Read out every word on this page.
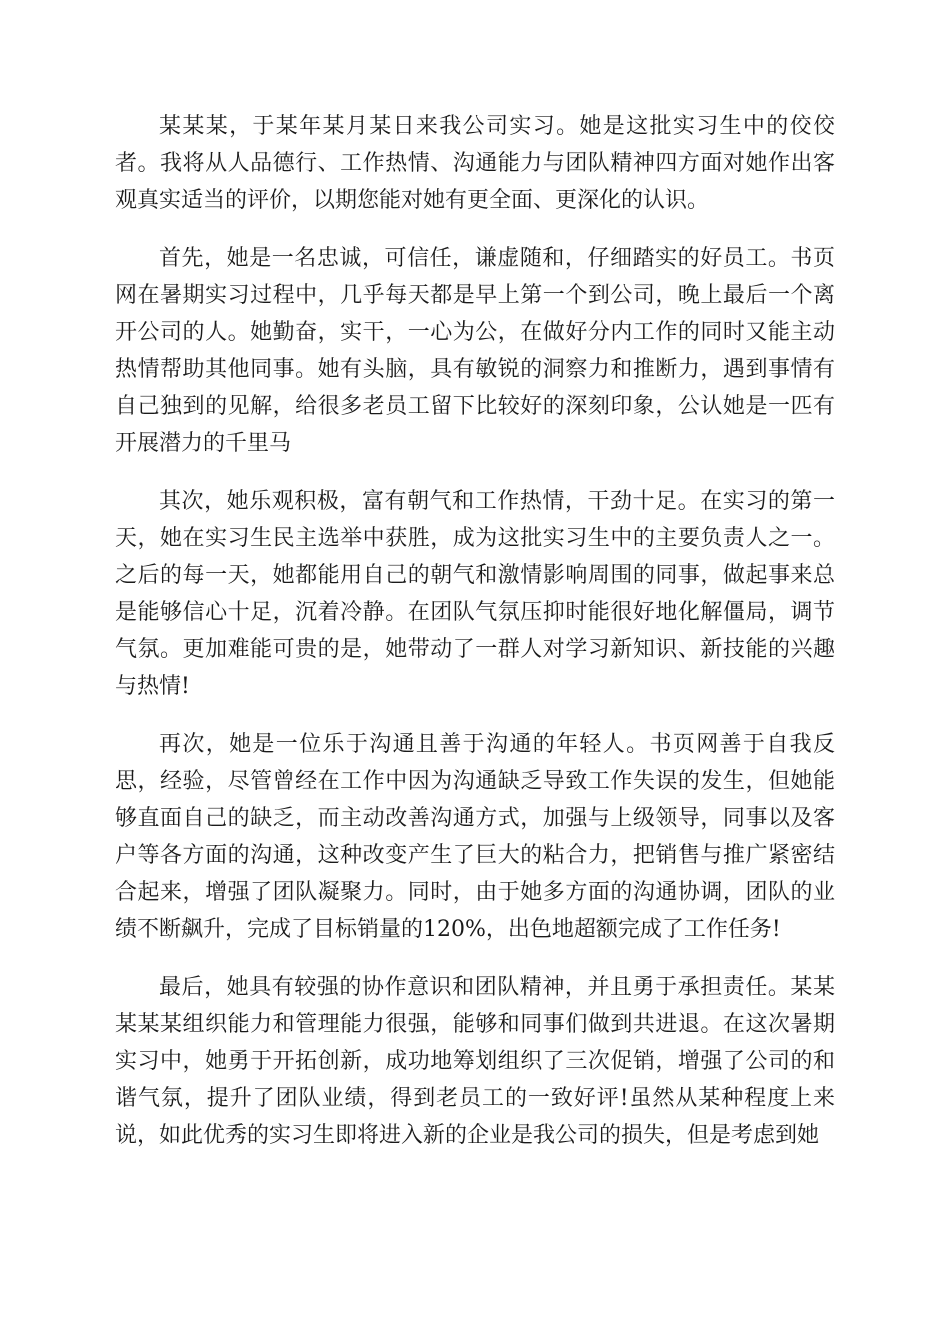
某某某，于某年某月某日来我公司实习。她是这批实习生中的佼佼者。我将从人品德行、工作热情、沟通能力与团队精神四方面对她作出客观真实适当的评价，以期您能对她有更全面、更深化的认识。

首先，她是一名忠诚，可信任，谦虚随和，仔细踏实的好员工。书页网在暑期实习过程中，几乎每天都是早上第一个到公司，晚上最后一个离开公司的人。她勤奋，实干，一心为公，在做好分内工作的同时又能主动热情帮助其他同事。她有头脑，具有敏锐的洞察力和推断力，遇到事情有自己独到的见解，给很多老员工留下比较好的深刻印象，公认她是一匹有开展潜力的千里马

其次，她乐观积极，富有朝气和工作热情，干劲十足。在实习的第一天，她在实习生民主选举中获胜，成为这批实习生中的主要负责人之一。之后的每一天，她都能用自己的朝气和激情影响周围的同事，做起事来总是能够信心十足，沉着冷静。在团队气氛压抑时能很好地化解僵局，调节气氛。更加难能可贵的是，她带动了一群人对学习新知识、新技能的兴趣与热情!

再次，她是一位乐于沟通且善于沟通的年轻人。书页网善于自我反思，经验，尽管曾经在工作中因为沟通缺乏导致工作失误的发生，但她能够直面自己的缺乏，而主动改善沟通方式，加强与上级领导，同事以及客户等各方面的沟通，这种改变产生了巨大的粘合力，把销售与推广紧密结合起来，增强了团队凝聚力。同时，由于她多方面的沟通协调，团队的业绩不断飙升，完成了目标销量的120%，出色地超额完成了工作任务!

最后，她具有较强的协作意识和团队精神，并且勇于承担责任。某某某某某组织能力和管理能力很强，能够和同事们做到共进退。在这次暑期实习中，她勇于开拓创新，成功地筹划组织了三次促销，增强了公司的和谐气氛，提升了团队业绩，得到老员工的一致好评!虽然从某种程度上来说，如此优秀的实习生即将进入新的企业是我公司的损失，但是考虑到她
